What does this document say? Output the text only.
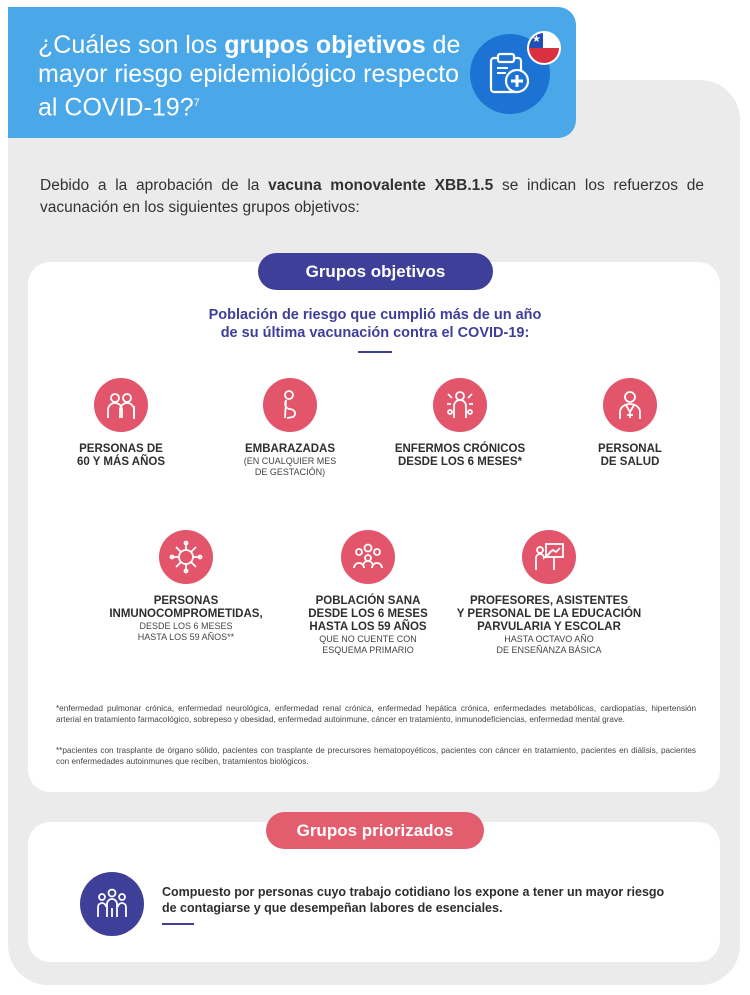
¿Cuáles son los grupos objetivos de mayor riesgo epidemiológico respecto al COVID-19?$^7$
★

Debido a la aprobación de la vacuna monovalente XBB.1.5 se indican los refuerzos de vacunación en los siguientes grupos objetivos:

Grupos objetivos
Población de riesgo que cumplió más de un año
de su última vacunación contra el COVID-19:
PERSONAS DE
60 Y MÁS AÑOS
EMBARAZADAS
(EN CUALQUIER MES
DE GESTACIÓN)
ENFERMOS CRÓNICOS
DESDE LOS 6 MESES*
PERSONAL
DE SALUD
PERSONAS
INMUNOCOMPROMETIDAS,
DESDE LOS 6 MESES
HASTA LOS 59 AÑOS**
POBLACIÓN SANA
DESDE LOS 6 MESES
HASTA LOS 59 AÑOS
QUE NO CUENTE CON
ESQUEMA PRIMARIO
PROFESORES, ASISTENTES
Y PERSONAL DE LA EDUCACIÓN
PARVULARIA Y ESCOLAR
HASTA OCTAVO AÑO
DE ENSEÑANZA BÁSICA

*enfermedad pulmonar crónica, enfermedad neurológica, enfermedad renal crónica, enfermedad hepática crónica, enfermedades metabólicas, cardiopatías, hipertensión arterial en tratamiento farmacológico, sobrepeso y obesidad, enfermedad autoinmune, cáncer en tratamiento, inmunodeficiencias, enfermedad mental grave.

**pacientes con trasplante de órgano sólido, pacientes con trasplante de precursores hematopoyéticos, pacientes con cáncer en tratamiento, pacientes en diálisis, pacientes con enfermedades autoinmunes que reciben, tratamientos biológicos.

Grupos priorizados
Compuesto por personas cuyo trabajo cotidiano los expone a tener un mayor riesgo
de contagiarse y que desempeñan labores de esenciales.
